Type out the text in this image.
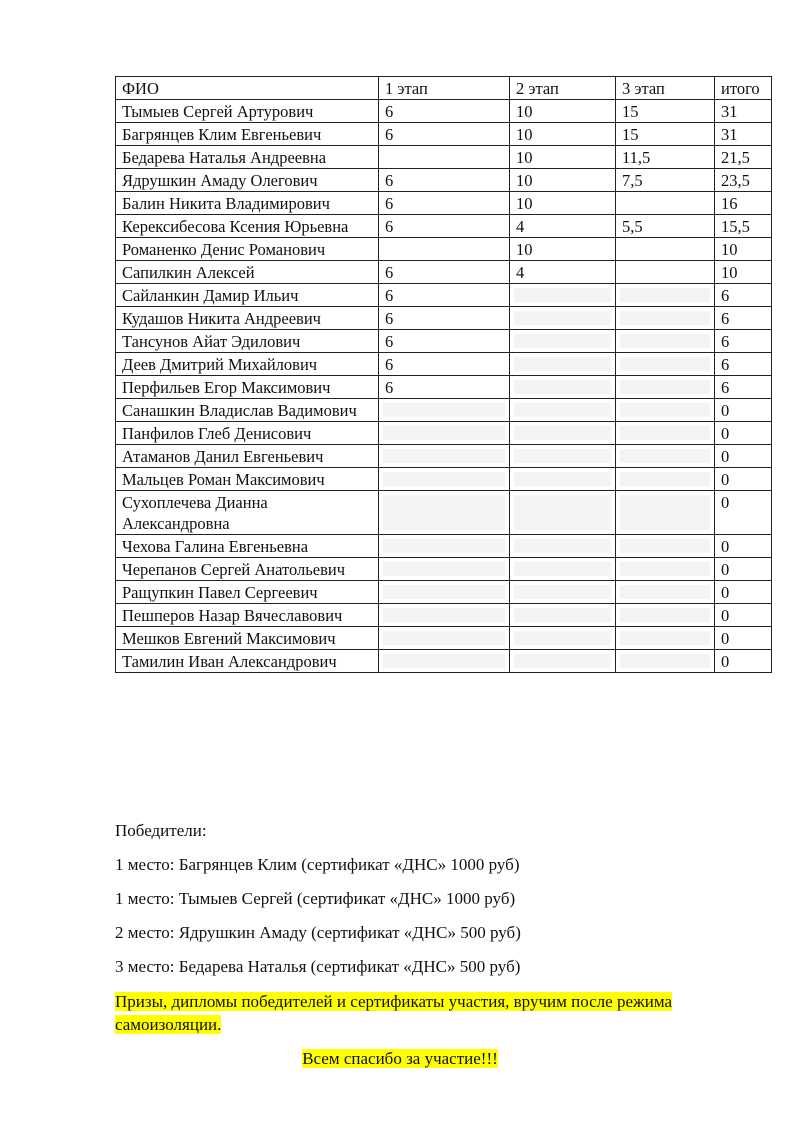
ФИО	1 этап	2 этап	3 этап	итого
Тымыев Сергей Артурович	6	10	15	31
Багрянцев Клим Евгеньевич	6	10	15	31
Бедарева Наталья Андреевна		10	11,5	21,5
Ядрушкин Амаду Олегович	6	10	7,5	23,5
Балин Никита Владимирович	6	10		16
Керексибесова Ксения Юрьевна	6	4	5,5	15,5
Романенко Денис Романович		10		10
Сапилкин Алексей	6	4		10
Сайланкин Дамир Ильич	6			6
Кудашов Никита Андреевич	6			6
Тансунов Айат Эдилович	6			6
Деев Дмитрий Михайлович	6			6
Перфильев Егор Максимович	6			6
Санашкин Владислав Вадимович				0
Панфилов Глеб Денисович				0
Атаманов Данил Евгеньевич				0
Мальцев Роман Максимович				0
Сухоплечева Дианна Александровна				0
Чехова Галина Евгеньевна				0
Черепанов Сергей Анатольевич				0
Ращупкин Павел Сергеевич				0
Пешперов Назар Вячеславович				0
Мешков Евгений Максимович				0
Тамилин Иван Александрович				0

Победители:

1 место: Багрянцев Клим (сертификат «ДНС» 1000 руб)

1 место: Тымыев Сергей (сертификат «ДНС» 1000 руб)

2 место: Ядрушкин Амаду (сертификат «ДНС» 500 руб)

3 место: Бедарева Наталья (сертификат «ДНС» 500 руб)

Призы, дипломы победителей и сертификаты участия, вручим после режима
самоизоляции.

Всем спасибо за участие!!!
